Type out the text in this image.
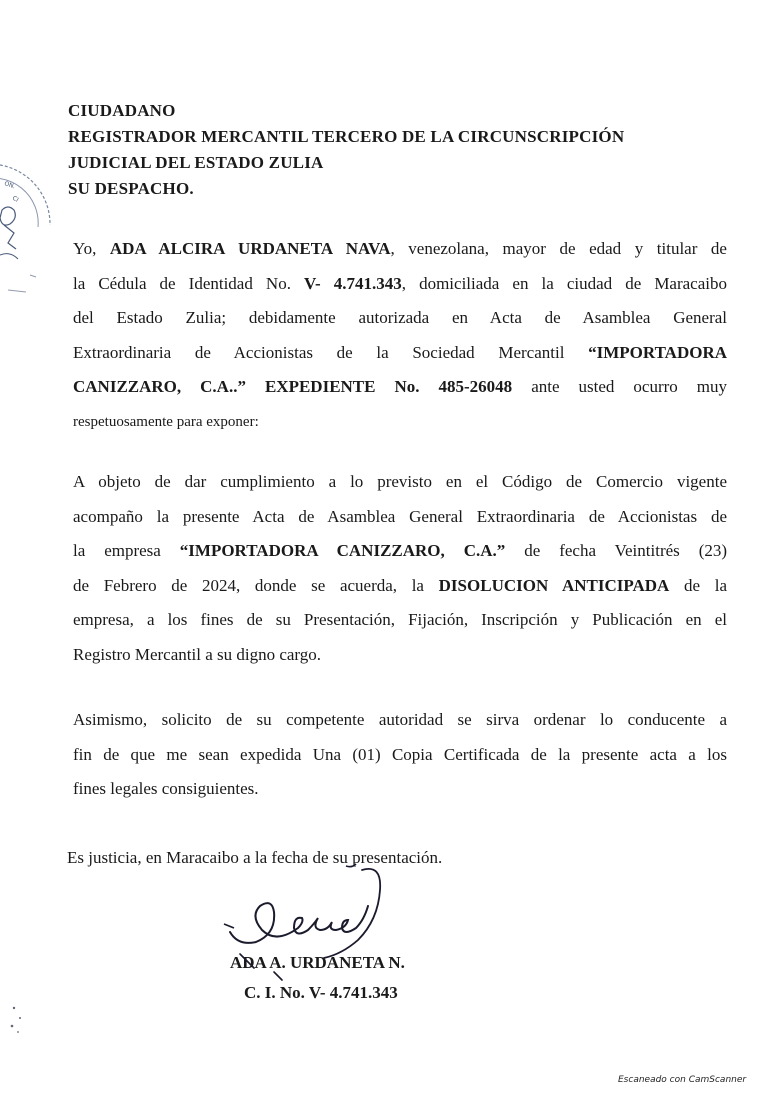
ON.
CI
CIUDADANO
REGISTRADOR MERCANTIL TERCERO DE LA CIRCUNSCRIPCIÓN
JUDICIAL DEL ESTADO ZULIA
SU DESPACHO.
Yo, ADA ALCIRA URDANETA NAVA, venezolana, mayor de edad y titular de
la Cédula de Identidad No. V- 4.741.343, domiciliada en la ciudad de Maracaibo
del Estado Zulia; debidamente autorizada en Acta de Asamblea General
Extraordinaria de Accionistas de la Sociedad Mercantil “IMPORTADORA
CANIZZARO, C.A..” EXPEDIENTE No. 485-26048 ante usted ocurro muy
respetuosamente para exponer:
A objeto de dar cumplimiento a lo previsto en el Código de Comercio vigente
acompaño la presente Acta de Asamblea General Extraordinaria de Accionistas de
la empresa “IMPORTADORA CANIZZARO, C.A.” de fecha Veintitrés (23)
de Febrero de 2024, donde se acuerda, la DISOLUCION ANTICIPADA de la
empresa, a los fines de su Presentación, Fijación, Inscripción y Publicación en el
Registro Mercantil a su digno cargo.
Asimismo, solicito de su competente autoridad se sirva ordenar lo conducente a
fin de que me sean expedida Una (01) Copia Certificada de la presente acta a los
fines legales consiguientes.
Es justicia, en Maracaibo a la fecha de su presentación.
ADA A. URDANETA N.
C. I. No. V- 4.741.343
Escaneado con CamScanner
